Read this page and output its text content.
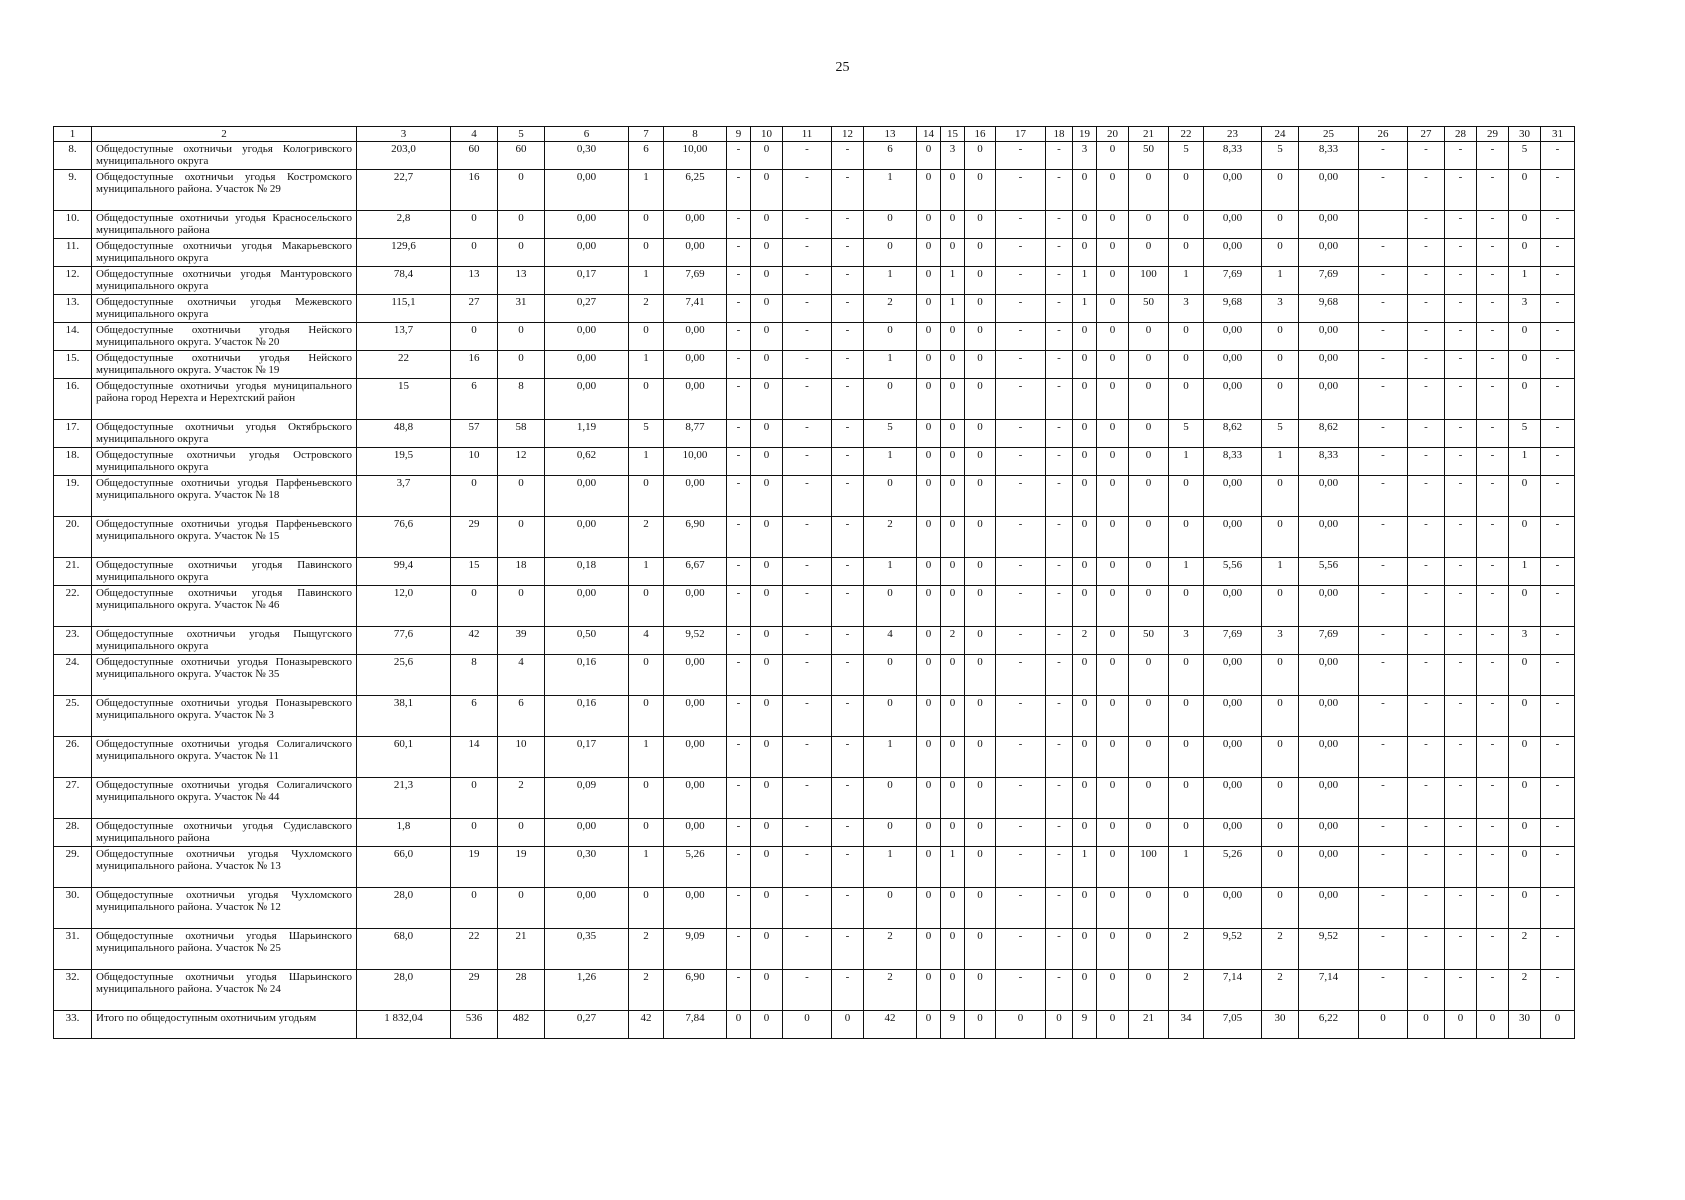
25
1	2	3	4	5	6	7	8	9	10	11	12	13	14	15	16	17	18	19	20	21	22	23	24	25	26	27	28	29	30	31
8.	Общедоступные охотничьи угодья Кологривского муниципального округа	203,0	60	60	0,30	6	10,00	-	0	-	-	6	0	3	0	-	-	3	0	50	5	8,33	5	8,33	-	-	-	-	5	-
9.	Общедоступные охотничьи угодья Костромского муниципального района. Участок № 29	22,7	16	0	0,00	1	6,25	-	0	-	-	1	0	0	0	-	-	0	0	0	0	0,00	0	0,00	-	-	-	-	0	-
10.	Общедоступные охотничьи угодья Красносельского муниципального района	2,8	0	0	0,00	0	0,00	-	0	-	-	0	0	0	0	-	-	0	0	0	0	0,00	0	0,00		-	-	-	0	-
11.	Общедоступные охотничьи угодья Макарьевского муниципального округа	129,6	0	0	0,00	0	0,00	-	0	-	-	0	0	0	0	-	-	0	0	0	0	0,00	0	0,00	-	-	-	-	0	-
12.	Общедоступные охотничьи угодья Мантуровского муниципального округа	78,4	13	13	0,17	1	7,69	-	0	-	-	1	0	1	0	-	-	1	0	100	1	7,69	1	7,69	-	-	-	-	1	-
13.	Общедоступные охотничьи угодья Межевского муниципального округа	115,1	27	31	0,27	2	7,41	-	0	-	-	2	0	1	0	-	-	1	0	50	3	9,68	3	9,68	-	-	-	-	3	-
14.	Общедоступные охотничьи угодья Нейского муниципального округа. Участок № 20	13,7	0	0	0,00	0	0,00	-	0	-	-	0	0	0	0	-	-	0	0	0	0	0,00	0	0,00	-	-	-	-	0	-
15.	Общедоступные охотничьи угодья Нейского муниципального округа. Участок № 19	22	16	0	0,00	1	0,00	-	0	-	-	1	0	0	0	-	-	0	0	0	0	0,00	0	0,00	-	-	-	-	0	-
16.	Общедоступные охотничьи угодья муниципального района город Нерехта и Нерехтский район	15	6	8	0,00	0	0,00	-	0	-	-	0	0	0	0	-	-	0	0	0	0	0,00	0	0,00	-	-	-	-	0	-
17.	Общедоступные охотничьи угодья Октябрьского муниципального округа	48,8	57	58	1,19	5	8,77	-	0	-	-	5	0	0	0	-	-	0	0	0	5	8,62	5	8,62	-	-	-	-	5	-
18.	Общедоступные охотничьи угодья Островского муниципального округа	19,5	10	12	0,62	1	10,00	-	0	-	-	1	0	0	0	-	-	0	0	0	1	8,33	1	8,33	-	-	-	-	1	-
19.	Общедоступные охотничьи угодья Парфеньевского муниципального округа. Участок № 18	3,7	0	0	0,00	0	0,00	-	0	-	-	0	0	0	0	-	-	0	0	0	0	0,00	0	0,00	-	-	-	-	0	-
20.	Общедоступные охотничьи угодья Парфеньевского муниципального округа. Участок № 15	76,6	29	0	0,00	2	6,90	-	0	-	-	2	0	0	0	-	-	0	0	0	0	0,00	0	0,00	-	-	-	-	0	-
21.	Общедоступные охотничьи угодья Павинского муниципального округа	99,4	15	18	0,18	1	6,67	-	0	-	-	1	0	0	0	-	-	0	0	0	1	5,56	1	5,56	-	-	-	-	1	-
22.	Общедоступные охотничьи угодья Павинского муниципального округа. Участок № 46	12,0	0	0	0,00	0	0,00	-	0	-	-	0	0	0	0	-	-	0	0	0	0	0,00	0	0,00	-	-	-	-	0	-
23.	Общедоступные охотничьи угодья Пыщугского муниципального округа	77,6	42	39	0,50	4	9,52	-	0	-	-	4	0	2	0	-	-	2	0	50	3	7,69	3	7,69	-	-	-	-	3	-
24.	Общедоступные охотничьи угодья Поназыревского муниципального округа. Участок № 35	25,6	8	4	0,16	0	0,00	-	0	-	-	0	0	0	0	-	-	0	0	0	0	0,00	0	0,00	-	-	-	-	0	-
25.	Общедоступные охотничьи угодья Поназыревского муниципального округа. Участок № 3	38,1	6	6	0,16	0	0,00	-	0	-	-	0	0	0	0	-	-	0	0	0	0	0,00	0	0,00	-	-	-	-	0	-
26.	Общедоступные охотничьи угодья Солигаличского муниципального округа. Участок № 11	60,1	14	10	0,17	1	0,00	-	0	-	-	1	0	0	0	-	-	0	0	0	0	0,00	0	0,00	-	-	-	-	0	-
27.	Общедоступные охотничьи угодья Солигаличского муниципального округа. Участок № 44	21,3	0	2	0,09	0	0,00	-	0	-	-	0	0	0	0	-	-	0	0	0	0	0,00	0	0,00	-	-	-	-	0	-
28.	Общедоступные охотничьи угодья Судиславского муниципального района	1,8	0	0	0,00	0	0,00	-	0	-	-	0	0	0	0	-	-	0	0	0	0	0,00	0	0,00	-	-	-	-	0	-
29.	Общедоступные охотничьи угодья Чухломского муниципального района. Участок № 13	66,0	19	19	0,30	1	5,26	-	0	-	-	1	0	1	0	-	-	1	0	100	1	5,26	0	0,00	-	-	-	-	0	-
30.	Общедоступные охотничьи угодья Чухломского муниципального района. Участок № 12	28,0	0	0	0,00	0	0,00	-	0	-	-	0	0	0	0	-	-	0	0	0	0	0,00	0	0,00	-	-	-	-	0	-
31.	Общедоступные охотничьи угодья Шарьинского муниципального района. Участок № 25	68,0	22	21	0,35	2	9,09	-	0	-	-	2	0	0	0	-	-	0	0	0	2	9,52	2	9,52	-	-	-	-	2	-
32.	Общедоступные охотничьи угодья Шарьинского муниципального района. Участок № 24	28,0	29	28	1,26	2	6,90	-	0	-	-	2	0	0	0	-	-	0	0	0	2	7,14	2	7,14	-	-	-	-	2	-
33.	Итого по общедоступным охотничьим угодьям	1 832,04	536	482	0,27	42	7,84	0	0	0	0	42	0	9	0	0	0	9	0	21	34	7,05	30	6,22	0	0	0	0	30	0
